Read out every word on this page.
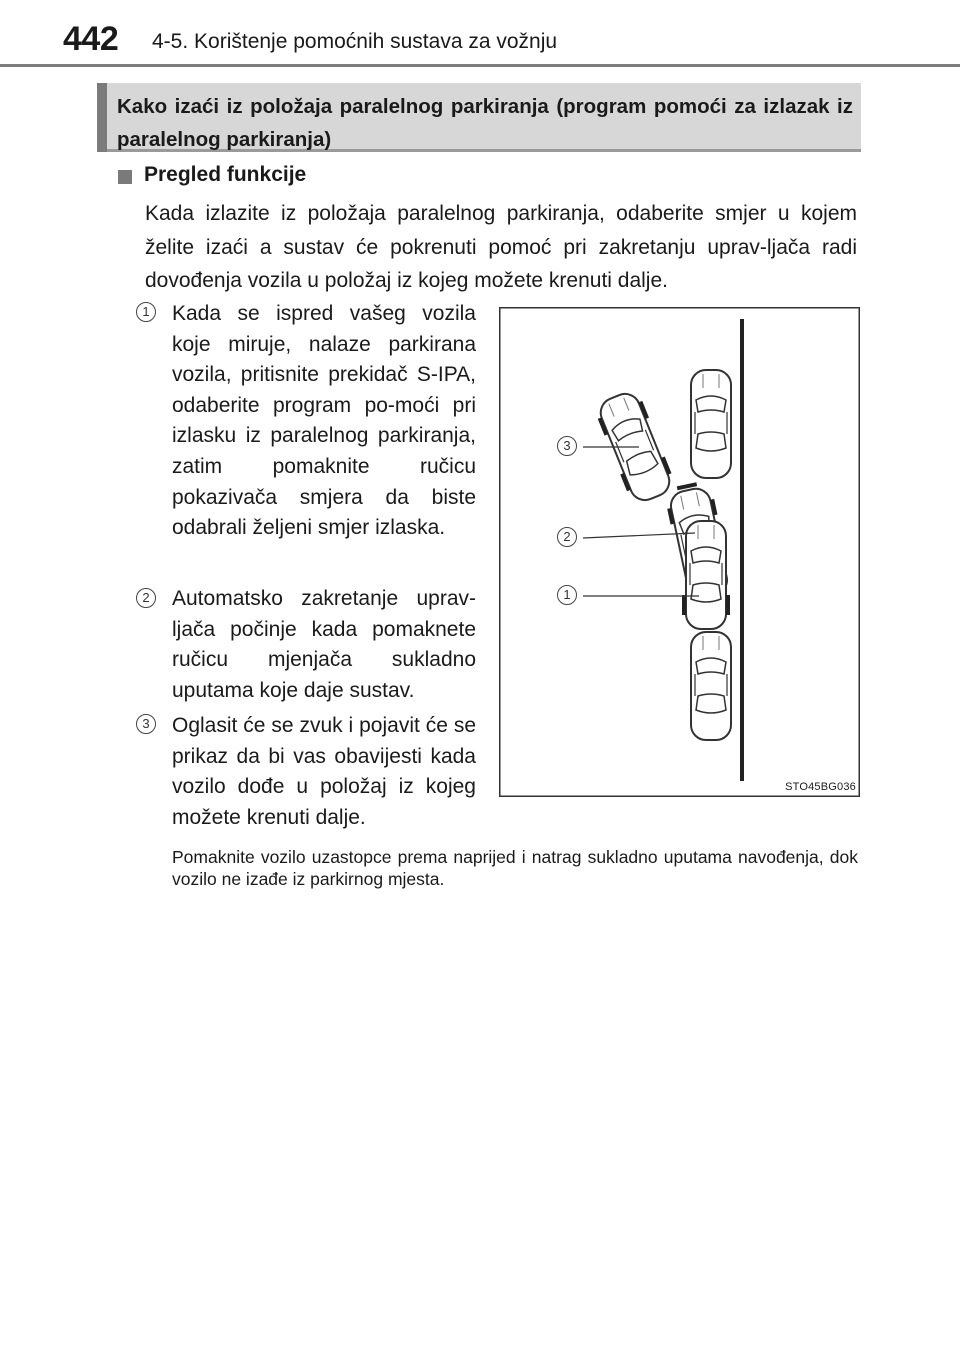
442 4-5. Korištenje pomoćnih sustava za vožnju
Kako izaći iz položaja paralelnog parkiranja (program pomoći za izlazak iz paralelnog parkiranja)
Pregled funkcije

Kada izlazite iz položaja paralelnog parkiranja, odaberite smjer u kojem želite izaći a sustav će pokrenuti pomoć pri zakretanju uprav-ljača radi dovođenja vozila u položaj iz kojeg možete krenuti dalje.

1	Kada se ispred vašeg vozila koje miruje, nalaze parkirana vozila, pritisnite prekidač S-IPA, odaberite program po-moći pri izlasku iz paralelnog parkiranja, zatim pomaknite ručicu pokazivača smjera da biste odabrali željeni smjer izlaska.

2	Automatsko zakretanje uprav-ljača počinje kada pomaknete ručicu mjenjača sukladno uputama koje daje sustav.

3	Oglasit će se zvuk i pojavit će se prikaz da bi vas obavijesti kada vozilo dođe u položaj iz kojeg možete krenuti dalje.

Pomaknite vozilo uzastopce prema naprijed i natrag sukladno uputama navođenja, dok vozilo ne izađe iz parkirnog mjesta.

3
2
1
STO45BG036
